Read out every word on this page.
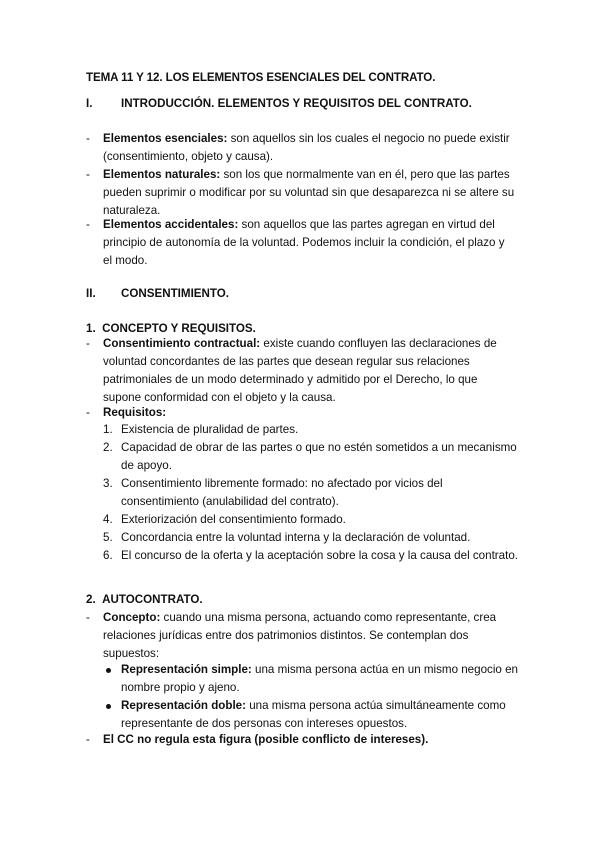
TEMA 11 Y 12. LOS ELEMENTOS ESENCIALES DEL CONTRATO.
I. INTRODUCCIÓN. ELEMENTOS Y REQUISITOS DEL CONTRATO.
- Elementos esenciales: son aquellos sin los cuales el negocio no puede existir (consentimiento, objeto y causa).
- Elementos naturales: son los que normalmente van en él, pero que las partes pueden suprimir o modificar por su voluntad sin que desaparezca ni se altere su naturaleza.
- Elementos accidentales: son aquellos que las partes agregan en virtud del principio de autonomía de la voluntad. Podemos incluir la condición, el plazo y el modo.
II. CONSENTIMIENTO.
1.  CONCEPTO Y REQUISITOS.
- Consentimiento contractual: existe cuando confluyen las declaraciones de voluntad concordantes de las partes que desean regular sus relaciones patrimoniales de un modo determinado y admitido por el Derecho, lo que supone conformidad con el objeto y la causa.
- Requisitos:
1. Existencia de pluralidad de partes.
2. Capacidad de obrar de las partes o que no estén sometidos a un mecanismo de apoyo.
3. Consentimiento libremente formado: no afectado por vicios del consentimiento (anulabilidad del contrato).
4. Exteriorización del consentimiento formado.
5. Concordancia entre la voluntad interna y la declaración de voluntad.
6. El concurso de la oferta y la aceptación sobre la cosa y la causa del contrato.
2.  AUTOCONTRATO.
- Concepto: cuando una misma persona, actuando como representante, crea relaciones jurídicas entre dos patrimonios distintos. Se contemplan dos supuestos:
Representación simple: una misma persona actúa en un mismo negocio en nombre propio y ajeno.
Representación doble: una misma persona actúa simultáneamente como representante de dos personas con intereses opuestos.
- El CC no regula esta figura (posible conflicto de intereses).
